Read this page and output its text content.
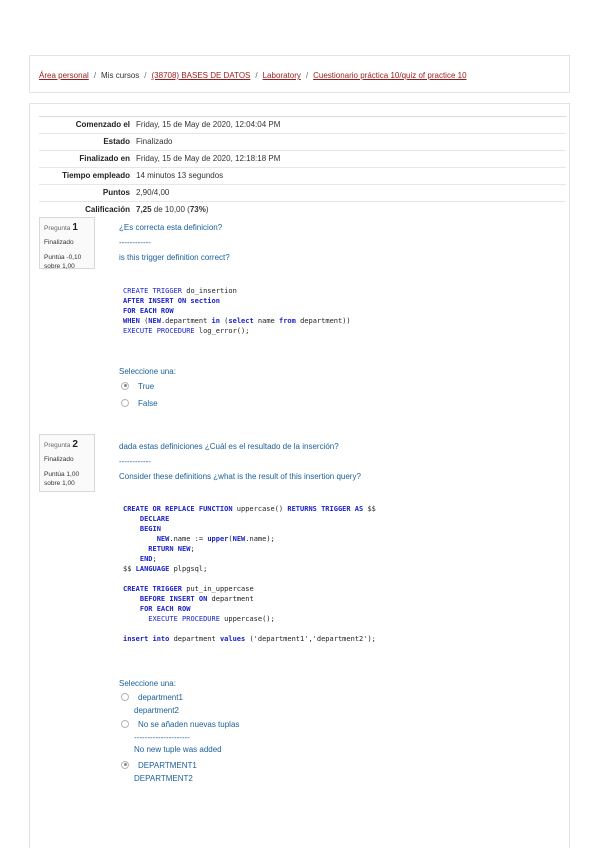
Área personal / Mis cursos / (38708) BASES DE DATOS / Laboratory / Cuestionario práctica 10/quiz of practice 10
Comenzado el	Friday, 15 de May de 2020, 12:04:04 PM
Estado	Finalizado
Finalizado en	Friday, 15 de May de 2020, 12:18:18 PM
Tiempo empleado	14 minutos 13 segundos
Puntos	2,90/4,00
Calificación	7,25 de 10,00 (73%)
Pregunta 1
Finalizado
Puntúa -0,10
sobre 1,00

¿Es correcta esta definicion?

------------

is this trigger definition correct?

CREATE TRIGGER do_insertion
AFTER INSERT ON section
FOR EACH ROW
WHEN (NEW.department in (select name from department))
EXECUTE PROCEDURE log_error();
Seleccione una:
True
False
Pregunta 2
Finalizado
Puntúa 1,00
sobre 1,00

dada estas definiciones ¿Cuál es el resultado de la inserción?

------------

Consider these definitions ¿what is the result of this insertion query?

CREATE OR REPLACE FUNCTION uppercase() RETURNS TRIGGER AS $$
DECLARE
BEGIN
NEW.name := upper(NEW.name);
RETURN NEW;
END;
$$ LANGUAGE plpgsql;

CREATE TRIGGER put_in_uppercase
BEFORE INSERT ON department
FOR EACH ROW
EXECUTE PROCEDURE uppercase();

insert into department values ('department1','department2');
Seleccione una:
department1
department2
No se añaden nuevas tuplas
---------------------
No new tuple was added
DEPARTMENT1
DEPARTMENT2
